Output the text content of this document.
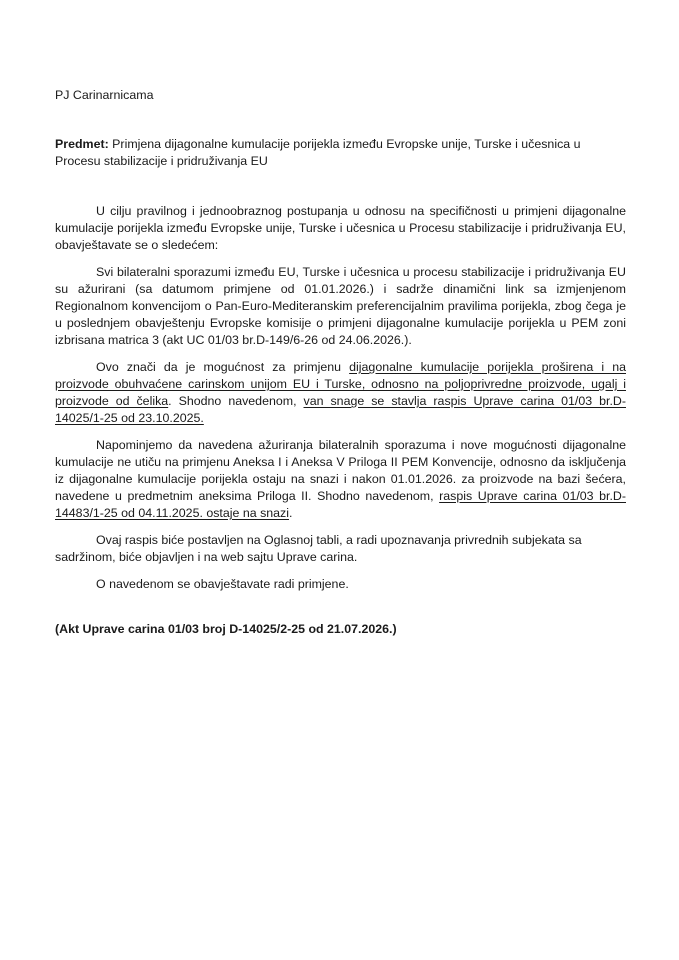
PJ Carinarnicama

Predmet: Primjena dijagonalne kumulacije porijekla između Evropske unije, Turske i učesnica u Procesu stabilizacije i pridruživanja EU

U cilju pravilnog i jednoobraznog postupanja u odnosu na specifičnosti u primjeni dijagonalne kumulacije porijekla između Evropske unije, Turske i učesnica u Procesu stabilizacije i pridruživanja EU, obavještavate se o sledećem:

Svi bilateralni sporazumi između EU, Turske i učesnica u procesu stabilizacije i pridruživanja EU su ažurirani (sa datumom primjene od 01.01.2026.) i sadrže dinamični link sa izmjenjenom Regionalnom konvencijom o Pan-Euro-Mediteranskim preferencijalnim pravilima porijekla, zbog čega je u poslednjem obavještenju Evropske komisije o primjeni dijagonalne kumulacije porijekla u PEM zoni izbrisana matrica 3 (akt UC 01/03 br.D-149/6-26 od 24.06.2026.).

Ovo znači da je mogućnost za primjenu dijagonalne kumulacije porijekla proširena i na proizvode obuhvaćene carinskom unijom EU i Turske, odnosno na poljoprivredne proizvode, ugalj i proizvode od čelika. Shodno navedenom, van snage se stavlja raspis Uprave carina 01/03 br.D-14025/1-25 od 23.10.2025.

Napominjemo da navedena ažuriranja bilateralnih sporazuma i nove mogućnosti dijagonalne kumulacije ne utiču na primjenu Aneksa I i Aneksa V Priloga II PEM Konvencije, odnosno da isključenja iz dijagonalne kumulacije porijekla ostaju na snazi i nakon 01.01.2026. za proizvode na bazi šećera, navedene u predmetnim aneksima Priloga II. Shodno navedenom, raspis Uprave carina 01/03 br.D-14483/1-25 od 04.11.2025. ostaje na snazi.

Ovaj raspis biće postavljen na Oglasnoj tabli, a radi upoznavanja privrednih subjekata sa sadržinom, biće objavljen i na web sajtu Uprave carina.

O navedenom se obavještavate radi primjene.

(Akt Uprave carina 01/03 broj D-14025/2-25 od 21.07.2026.)
